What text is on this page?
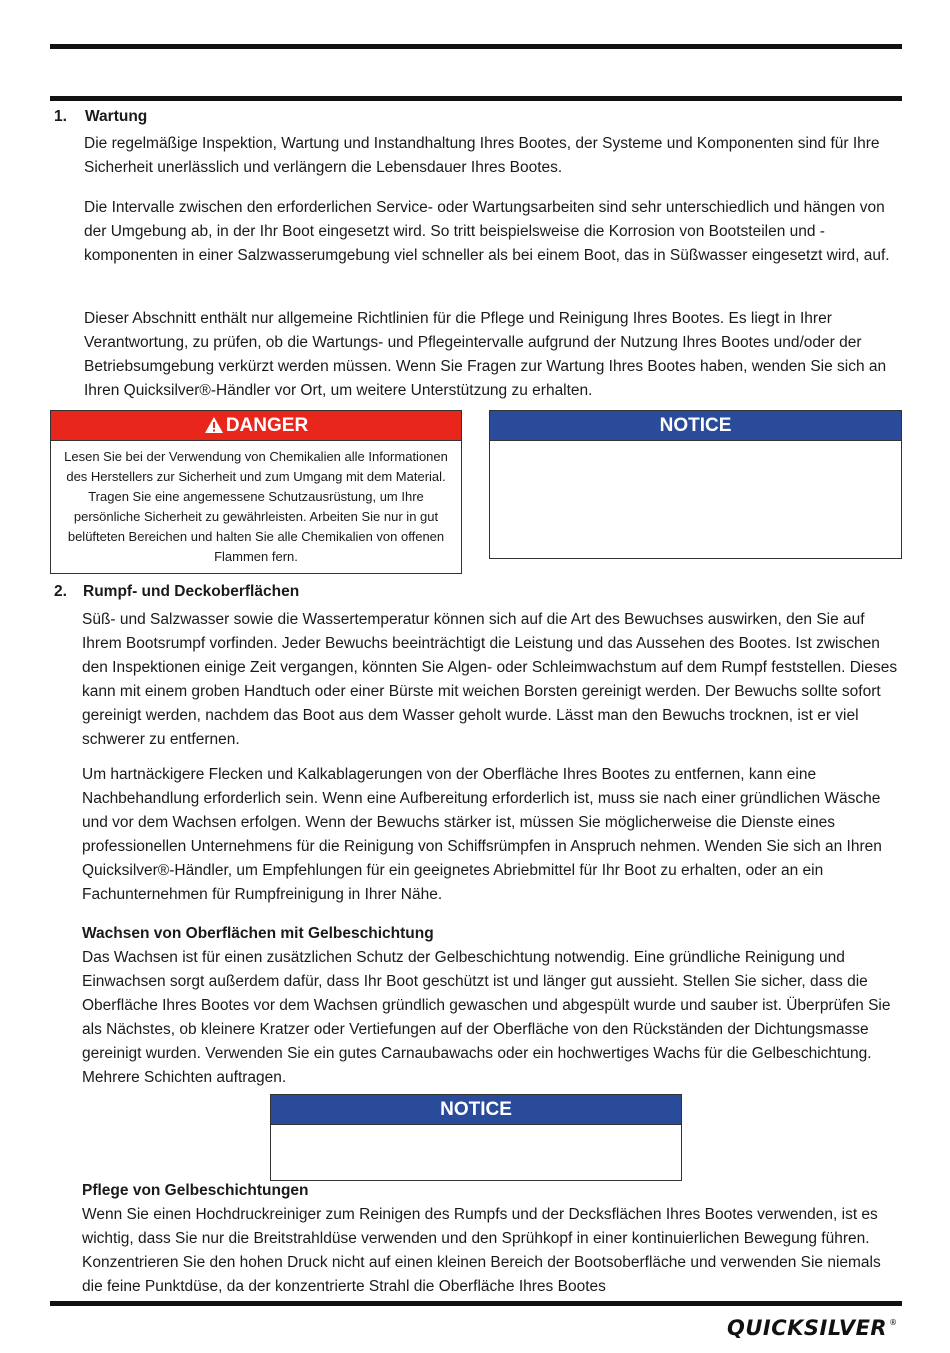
1. Wartung

Die regelmäßige Inspektion, Wartung und Instandhaltung Ihres Bootes, der Systeme und Komponenten sind für Ihre Sicherheit unerlässlich und verlängern die Lebensdauer Ihres Bootes.

Die Intervalle zwischen den erforderlichen Service- oder Wartungsarbeiten sind sehr unterschiedlich und hängen von der Umgebung ab, in der Ihr Boot eingesetzt wird. So tritt beispielsweise die Korrosion von Bootsteilen und -komponenten in einer Salzwasserumgebung viel schneller als bei einem Boot, das in Süßwasser eingesetzt wird, auf.

Dieser Abschnitt enthält nur allgemeine Richtlinien für die Pflege und Reinigung Ihres Bootes. Es liegt in Ihrer Verantwortung, zu prüfen, ob die Wartungs- und Pflegeintervalle aufgrund der Nutzung Ihres Bootes und/oder der Betriebsumgebung verkürzt werden müssen. Wenn Sie Fragen zur Wartung Ihres Bootes haben, wenden Sie sich an Ihren Quicksilver®-Händler vor Ort, um weitere Unterstützung zu erhalten.

DANGER
Lesen Sie bei der Verwendung von Chemikalien alle Informationen des Herstellers zur Sicherheit und zum Umgang mit dem Material. Tragen Sie eine angemessene Schutzausrüstung, um Ihre persönliche Sicherheit zu gewährleisten. Arbeiten Sie nur in gut belüfteten Bereichen und halten Sie alle Chemikalien von offenen Flammen fern.
NOTICE
2. Rumpf- und Deckoberflächen

Süß- und Salzwasser sowie die Wassertemperatur können sich auf die Art des Bewuchses auswirken, den Sie auf Ihrem Bootsrumpf vorfinden. Jeder Bewuchs beeinträchtigt die Leistung und das Aussehen des Bootes. Ist zwischen den Inspektionen einige Zeit vergangen, könnten Sie Algen- oder Schleimwachstum auf dem Rumpf feststellen. Dieses kann mit einem groben Handtuch oder einer Bürste mit weichen Borsten gereinigt werden. Der Bewuchs sollte sofort gereinigt werden, nachdem das Boot aus dem Wasser geholt wurde. Lässt man den Bewuchs trocknen, ist er viel schwerer zu entfernen.

Um hartnäckigere Flecken und Kalkablagerungen von der Oberfläche Ihres Bootes zu entfernen, kann eine Nachbehandlung erforderlich sein. Wenn eine Aufbereitung erforderlich ist, muss sie nach einer gründlichen Wäsche und vor dem Wachsen erfolgen. Wenn der Bewuchs stärker ist, müssen Sie möglicherweise die Dienste eines professionellen Unternehmens für die Reinigung von Schiffsrümpfen in Anspruch nehmen. Wenden Sie sich an Ihren Quicksilver®-Händler, um Empfehlungen für ein geeignetes Abriebmittel für Ihr Boot zu erhalten, oder an ein Fachunternehmen für Rumpfreinigung in Ihrer Nähe.

Wachsen von Oberflächen mit Gelbeschichtung

Das Wachsen ist für einen zusätzlichen Schutz der Gelbeschichtung notwendig. Eine gründliche Reinigung und Einwachsen sorgt außerdem dafür, dass Ihr Boot geschützt ist und länger gut aussieht. Stellen Sie sicher, dass die Oberfläche Ihres Bootes vor dem Wachsen gründlich gewaschen und abgespült wurde und sauber ist. Überprüfen Sie als Nächstes, ob kleinere Kratzer oder Vertiefungen auf der Oberfläche von den Rückständen der Dichtungsmasse gereinigt wurden. Verwenden Sie ein gutes Carnaubawachs oder ein hochwertiges Wachs für die Gelbeschichtung. Mehrere Schichten auftragen.

NOTICE
Pflege von Gelbeschichtungen

Wenn Sie einen Hochdruckreiniger zum Reinigen des Rumpfs und der Decksflächen Ihres Bootes verwenden, ist es wichtig, dass Sie nur die Breitstrahldüse verwenden und den Sprühkopf in einer kontinuierlichen Bewegung führen. Konzentrieren Sie den hohen Druck nicht auf einen kleinen Bereich der Bootsoberfläche und verwenden Sie niemals die feine Punktdüse, da der konzentrierte Strahl die Oberfläche Ihres Bootes

QUICKSILVER ®
